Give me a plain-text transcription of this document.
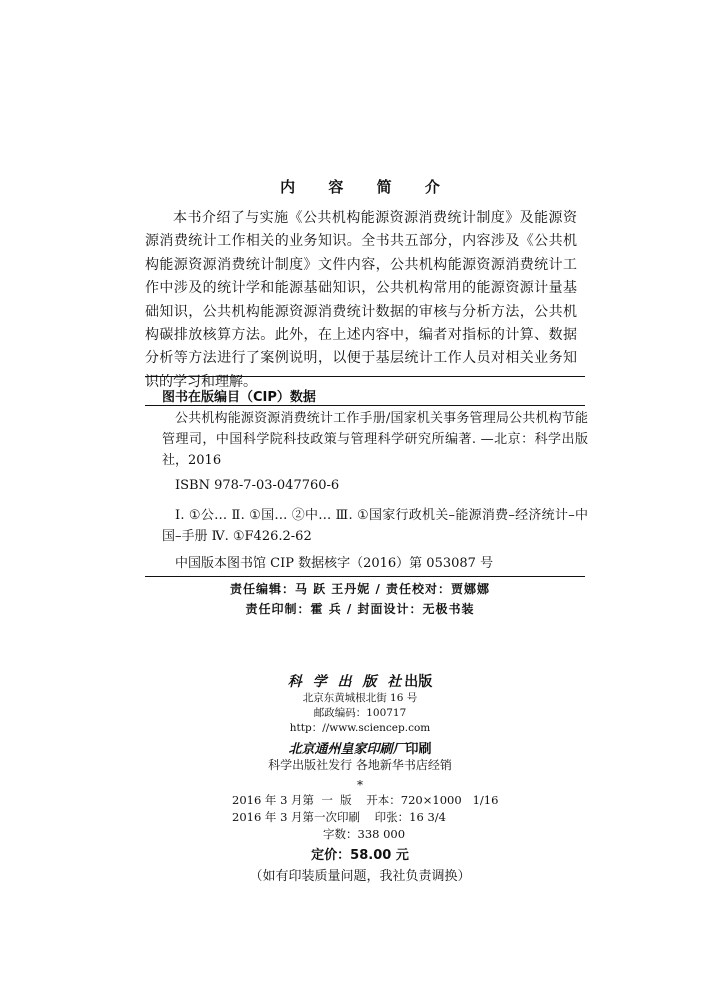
内 容 简 介

本书介绍了与实施《公共机构能源资源消费统计制度》及能源资源消费统计工作相关的业务知识。全书共五部分，内容涉及《公共机构能源资源消费统计制度》文件内容，公共机构能源资源消费统计工作中涉及的统计学和能源基础知识，公共机构常用的能源资源计量基础知识，公共机构能源资源消费统计数据的审核与分析方法，公共机构碳排放核算方法。此外，在上述内容中，编者对指标的计算、数据分析等方法进行了案例说明，以便于基层统计工作人员对相关业务知识的学习和理解。

图书在版编目（CIP）数据

公共机构能源资源消费统计工作手册/国家机关事务管理局公共机构节能管理司，中国科学院科技政策与管理科学研究所编著. —北京：科学出版社，2016

ISBN 978-7-03-047760-6

Ⅰ. ①公… Ⅱ. ①国… ②中… Ⅲ. ①国家行政机关–能源消费–经济统计–中国–手册 Ⅳ. ①F426.2-62

中国版本图书馆 CIP 数据核字（2016）第 053087 号

责任编辑：马 跃 王丹妮 / 责任校对：贾娜娜

责任印制：霍 兵 / 封面设计：无极书装

科 学 出 版 社出版

北京东黄城根北街 16 号

邮政编码：100717

http：//www.sciencep.com

北京通州皇家印刷厂印刷

科学出版社发行 各地新华书店经销

*

2016 年 3 月第  一  版    开本：720×1000   1/16
2016 年 3 月第一次印刷    印张：16 3/4

字数：338 000

定价：58.00 元

（如有印装质量问题，我社负责调换）
